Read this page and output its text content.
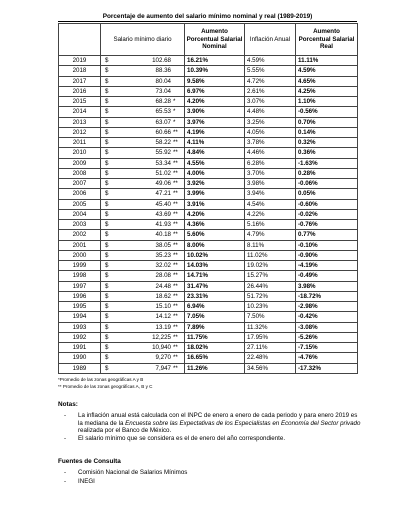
Porcentaje de aumento del salario mínimo nominal y real (1989-2019)
	Salario mínimo diario		Aumento Porcentual Salarial Nominal	Inflación Anual	Aumento Porcentual Salarial Real
2019	$	102.68	16.21%	4.59%	11.11%
2018	$	88.36	10.39%	5.55%	4.59%
2017	$	80.04	9.58%	4.72%	4.65%
2016	$	73.04	6.97%	2.61%	4.25%
2015	$	68.28 *	4.20%	3.07%	1.10%
2014	$	65.53 *	3.90%	4.48%	-0.56%
2013	$	63.07 *	3.97%	3.25%	0.70%
2012	$	60.66 **	4.19%	4.05%	0.14%
2011	$	58.22 **	4.11%	3.78%	0.32%
2010	$	55.92 **	4.84%	4.46%	0.36%
2009	$	53.34 **	4.55%	6.28%	-1.63%
2008	$	51.02 **	4.00%	3.70%	0.28%
2007	$	49.06 **	3.92%	3.98%	-0.06%
2006	$	47.21 **	3.99%	3.94%	0.05%
2005	$	45.40 **	3.91%	4.54%	-0.60%
2004	$	43.69 **	4.20%	4.22%	-0.02%
2003	$	41.93 **	4.36%	5.16%	-0.76%
2002	$	40.18 **	5.60%	4.79%	0.77%
2001	$	38.05 **	8.00%	8.11%	-0.10%
2000	$	35.23 **	10.02%	11.02%	-0.90%
1999	$	32.02 **	14.03%	19.02%	-4.19%
1998	$	28.08 **	14.71%	15.27%	-0.49%
1997	$	24.48 **	31.47%	26.44%	3.98%
1996	$	18.62 **	23.31%	51.72%	-18.72%
1995	$	15.10 **	6.94%	10.23%	-2.98%
1994	$	14.12 **	7.05%	7.50%	-0.42%
1993	$	13.19 **	7.89%	11.32%	-3.08%
1992	$	12,225 **	11.75%	17.95%	-5.26%
1991	$	10,940 **	18.02%	27.11%	-7.15%
1990	$	9,270 **	16.65%	22.48%	-4.76%
1989	$	7,947 **	11.26%	34.56%	-17.32%
*Promedio de las zonas geográficas A y B
** Promedio de las zonas geográficas A, B y C
Notas:
- La inflación anual está calculada con el INPC de enero a enero de cada periodo y para enero 2019 es la mediana de la Encuesta sobre las Expectativas de los Especialistas en Economía del Sector privado realizada por el Banco de México.
- El salario mínimo que se considera es el de enero del año correspondiente.
Fuentes de Consulta
- Comisión Nacional de Salarios Mínimos
- INEGI
